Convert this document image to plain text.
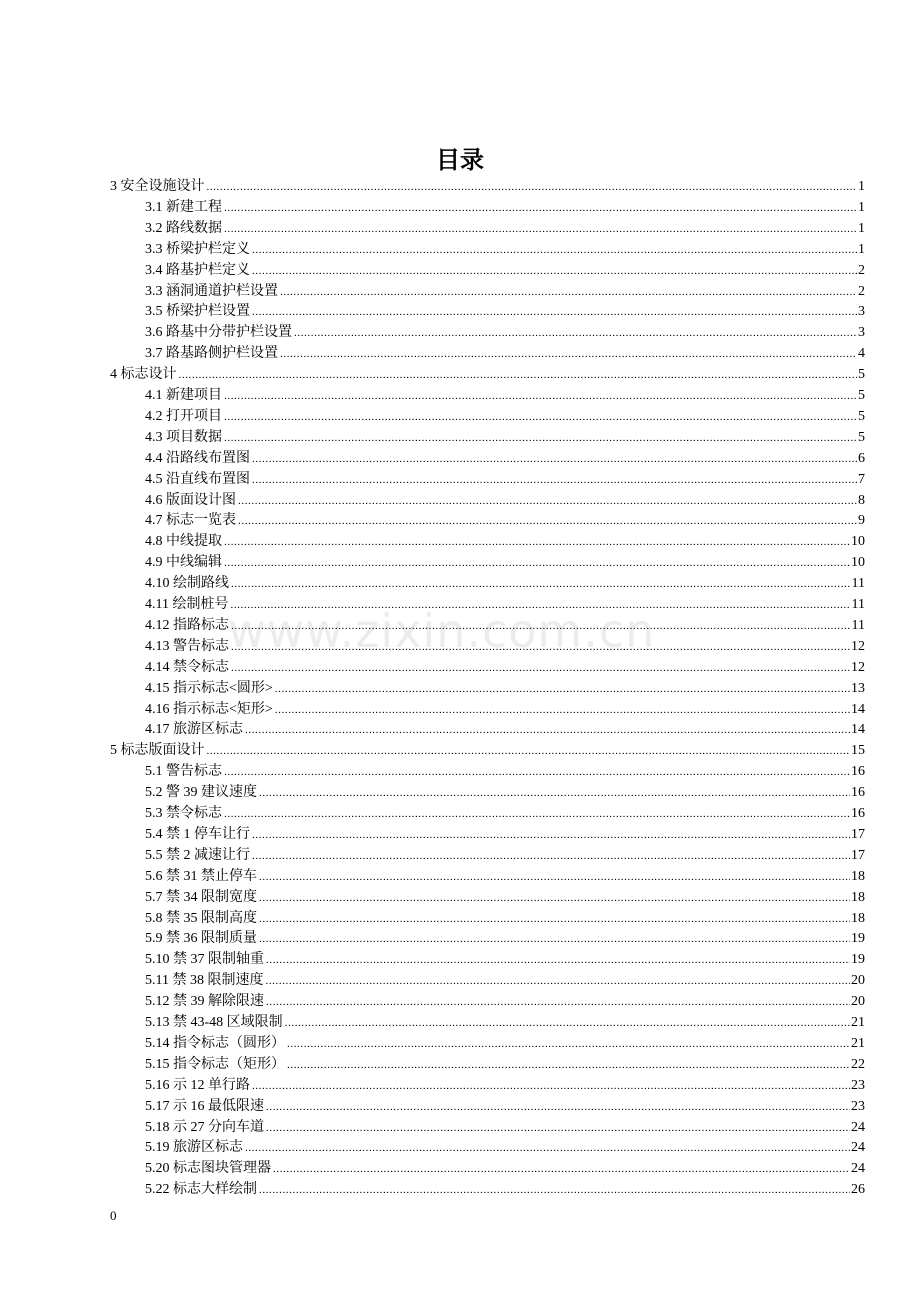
www.zixin.com.cn
目录
3 安全设施设计 .....	1
3.1 新建工程 .....	1
3.2 路线数据 .....	1
3.3 桥梁护栏定义 .....	1
3.4 路基护栏定义 .....	2
3.3 涵洞通道护栏设置 .....	2
3.5 桥梁护栏设置 .....	3
3.6 路基中分带护栏设置 .....	3
3.7 路基路侧护栏设置 .....	4
4 标志设计 .....	5
4.1 新建项目 .....	5
4.2 打开项目 .....	5
4.3 项目数据 .....	5
4.4 沿路线布置图 .....	6
4.5 沿直线布置图 .....	7
4.6 版面设计图 .....	8
4.7 标志一览表 .....	9
4.8 中线提取 .....	10
4.9 中线编辑 .....	10
4.10 绘制路线 .....	11
4.11 绘制桩号 .....	11
4.12 指路标志 .....	11
4.13 警告标志 .....	12
4.14 禁令标志 .....	12
4.15 指示标志<圆形> .....	13
4.16 指示标志<矩形> .....	14
4.17 旅游区标志 .....	14
5 标志版面设计 .....	15
5.1 警告标志 .....	16
5.2 警 39 建议速度 .....	16
5.3 禁令标志 .....	16
5.4 禁 1 停车让行 .....	17
5.5 禁 2 减速让行 .....	17
5.6 禁 31 禁止停车 .....	18
5.7 禁 34 限制宽度 .....	18
5.8 禁 35 限制高度 .....	18
5.9 禁 36 限制质量 .....	19
5.10 禁 37 限制轴重 .....	19
5.11 禁 38 限制速度 .....	20
5.12 禁 39 解除限速 .....	20
5.13 禁 43-48 区域限制 .....	21
5.14 指令标志（圆形） .....	21
5.15 指令标志（矩形） .....	22
5.16 示 12 单行路 .....	23
5.17 示 16 最低限速 .....	23
5.18 示 27 分向车道 .....	24
5.19 旅游区标志 .....	24
5.20 标志图块管理器 .....	24
5.22 标志大样绘制 .....	26
0
